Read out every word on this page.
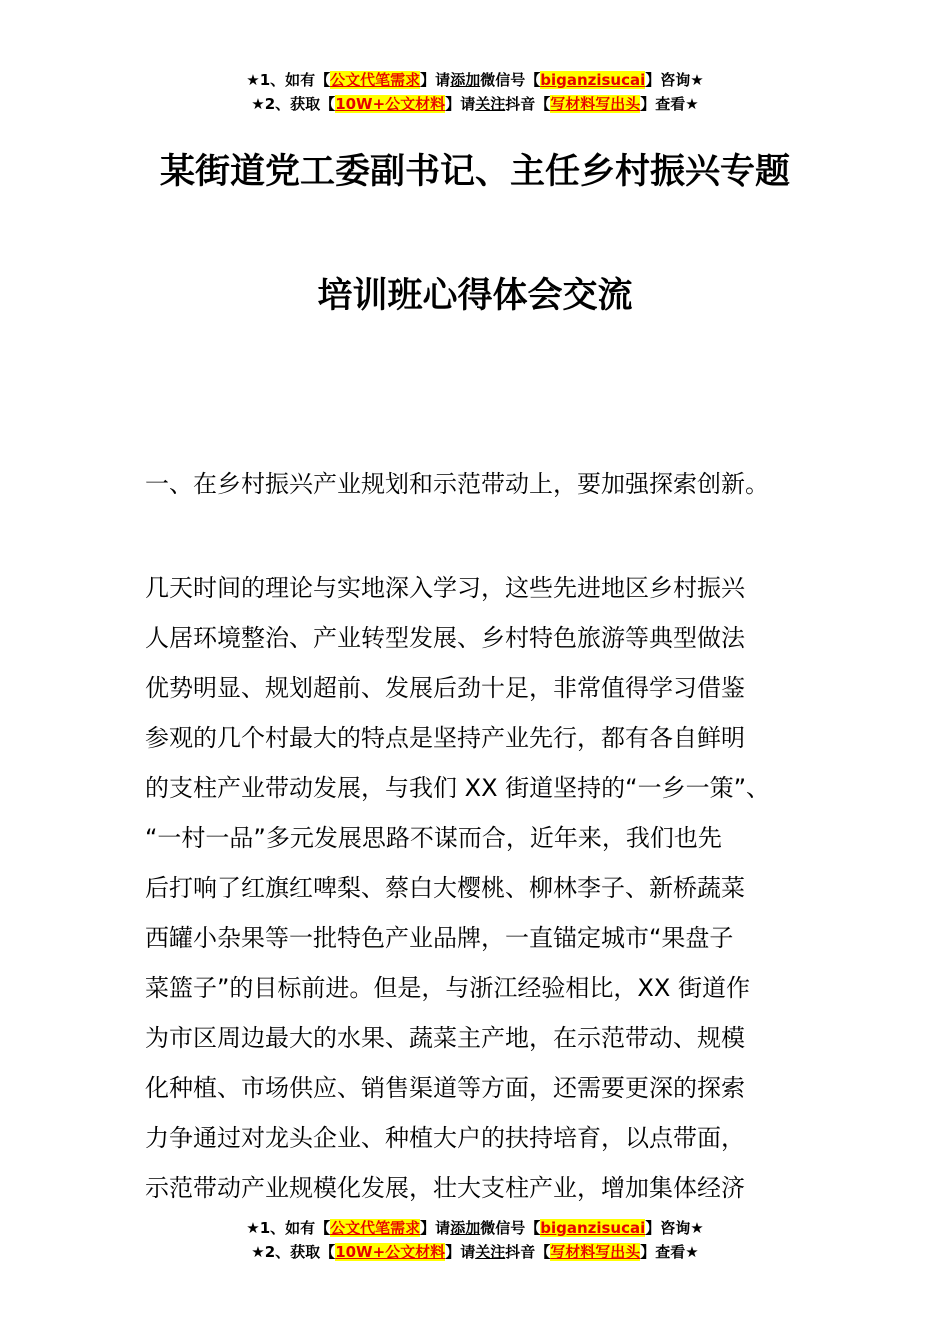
★1、如有【公文代笔需求】请添加微信号【biganzisucai】咨询★
★2、获取【10W+公文材料】请关注抖音【写材料写出头】查看★
某街道党工委副书记、主任乡村振兴专题
培训班心得体会交流
一、在乡村振兴产业规划和示范带动上，要加强探索创新。
几天时间的理论与实地深入学习，这些先进地区乡村振兴
人居环境整治、产业转型发展、乡村特色旅游等典型做法
优势明显、规划超前、发展后劲十足，非常值得学习借鉴
参观的几个村最大的特点是坚持产业先行，都有各自鲜明
的支柱产业带动发展，与我们 XX 街道坚持的“一乡一策”、
“一村一品”多元发展思路不谋而合，近年来，我们也先
后打响了红旗红啤梨、蔡白大樱桃、柳林李子、新桥蔬菜
西罐小杂果等一批特色产业品牌，一直锚定城市“果盘子
菜篮子”的目标前进。但是，与浙江经验相比，XX 街道作
为市区周边最大的水果、蔬菜主产地，在示范带动、规模
化种植、市场供应、销售渠道等方面，还需要更深的探索
力争通过对龙头企业、种植大户的扶持培育，以点带面，
示范带动产业规模化发展，壮大支柱产业，增加集体经济
★1、如有【公文代笔需求】请添加微信号【biganzisucai】咨询★
★2、获取【10W+公文材料】请关注抖音【写材料写出头】查看★
